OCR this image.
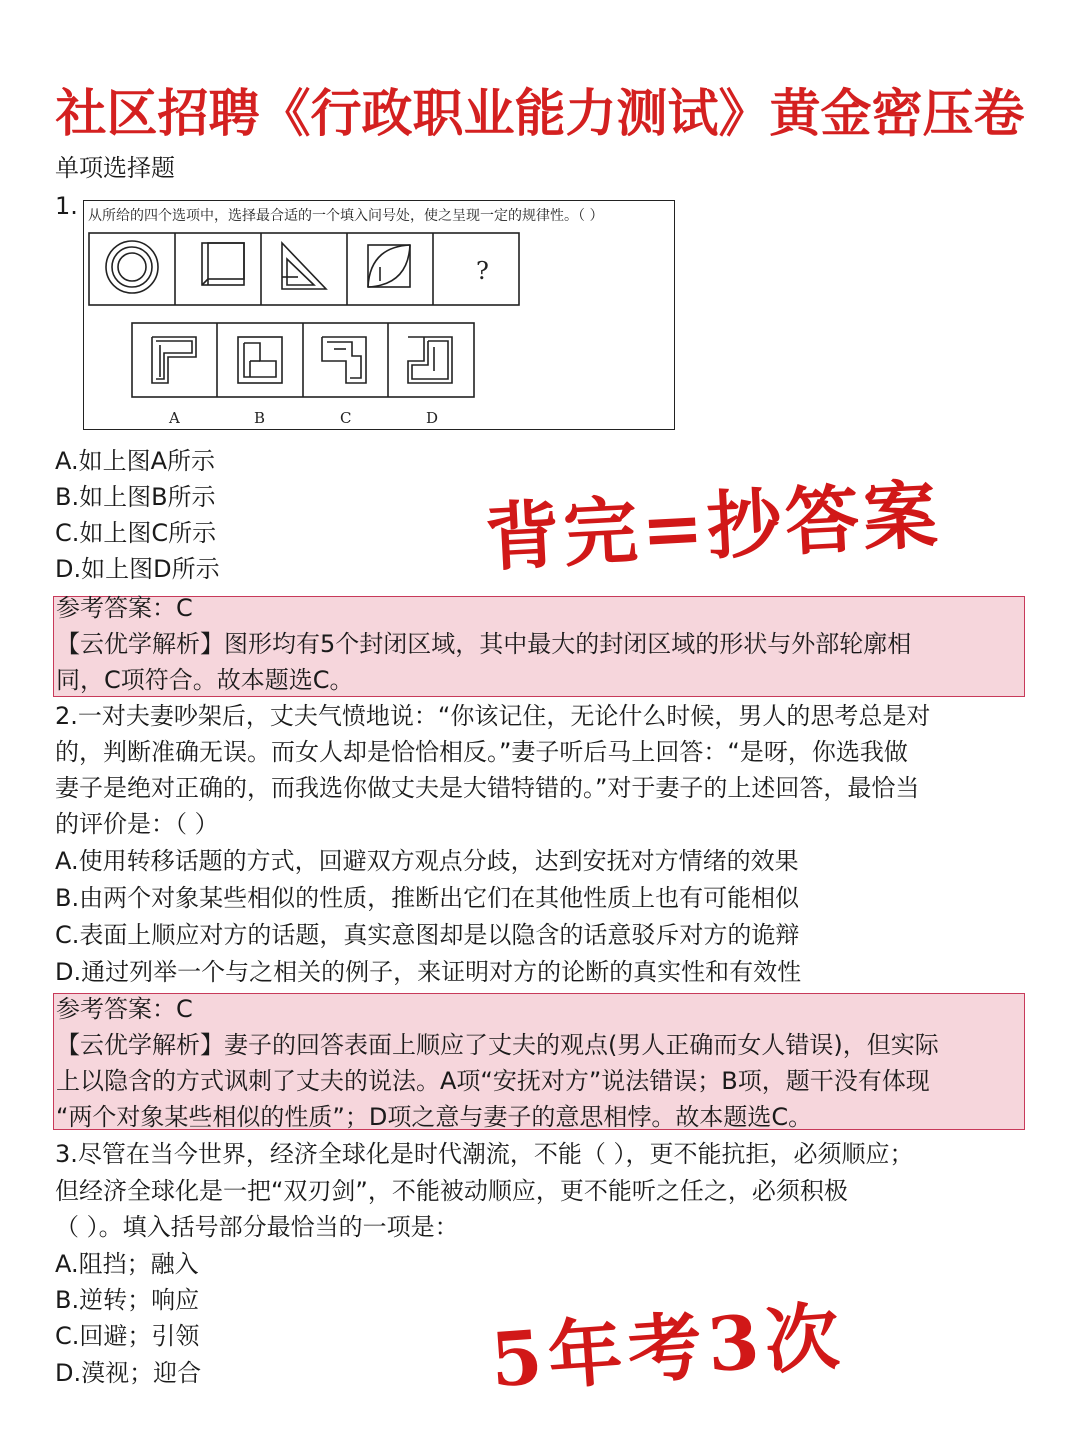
社区招聘《行政职业能力测试》黄金密压卷
单项选择题
1. 从所给的四个选项中，选择最合适的一个填入问号处，使之呈现一定的规律性。（ ）
?
A	B	C	D
A.如上图A所示
B.如上图B所示
C.如上图C所示
D.如上图D所示	背完=抄答案
参考答案：C
【云优学解析】图形均有5个封闭区域，其中最大的封闭区域的形状与外部轮廓相
同，C项符合。故本题选C。
2.一对夫妻吵架后，丈夫气愤地说：“你该记住，无论什么时候，男人的思考总是对
的，判断准确无误。而女人却是恰恰相反。”妻子听后马上回答：“是呀，你选我做
妻子是绝对正确的，而我选你做丈夫是大错特错的。”对于妻子的上述回答，最恰当
的评价是：（ ）
A.使用转移话题的方式，回避双方观点分歧，达到安抚对方情绪的效果
B.由两个对象某些相似的性质，推断出它们在其他性质上也有可能相似
C.表面上顺应对方的话题，真实意图却是以隐含的话意驳斥对方的诡辩
D.通过列举一个与之相关的例子，来证明对方的论断的真实性和有效性
参考答案：C
【云优学解析】妻子的回答表面上顺应了丈夫的观点(男人正确而女人错误)，但实际
上以隐含的方式讽刺了丈夫的说法。A项“安抚对方”说法错误；B项，题干没有体现
“两个对象某些相似的性质”；D项之意与妻子的意思相悖。故本题选C。
3.尽管在当今世界，经济全球化是时代潮流，不能（ ），更不能抗拒，必须顺应；
但经济全球化是一把“双刃剑”，不能被动顺应，更不能听之任之，必须积极
（ ）。填入括号部分最恰当的一项是：
A.阻挡；融入
B.逆转；响应
C.回避；引领
D.漠视；迎合	5年考3次
